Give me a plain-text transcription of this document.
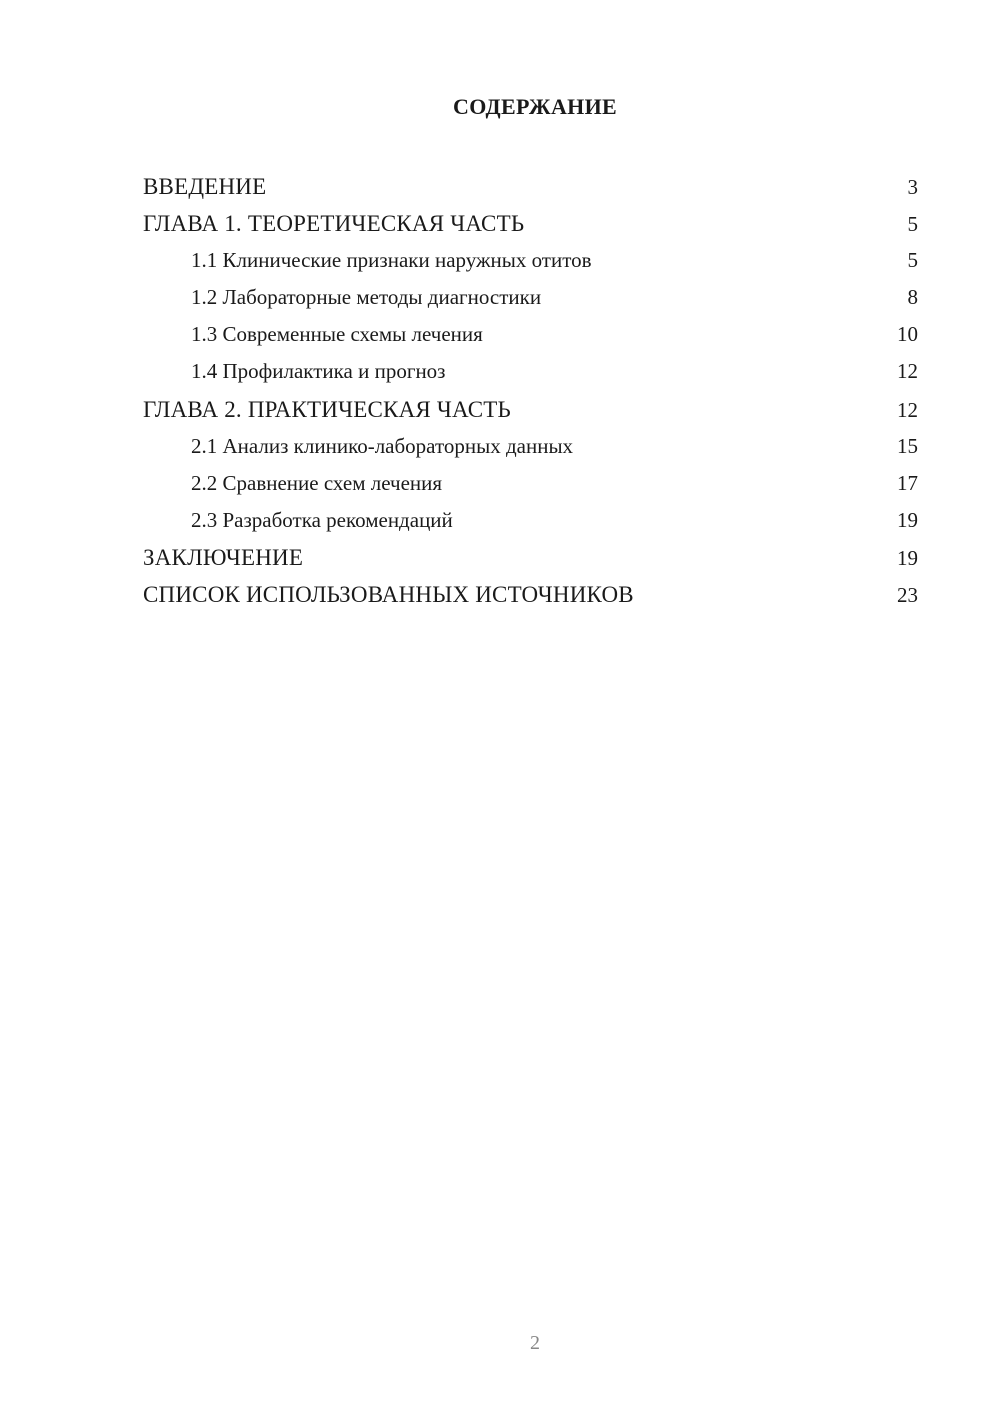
СОДЕРЖАНИЕ
ВВЕДЕНИЕ	3
ГЛАВА 1. ТЕОРЕТИЧЕСКАЯ ЧАСТЬ	5
1.1 Клинические признаки наружных отитов	5
1.2 Лабораторные методы диагностики	8
1.3 Современные схемы лечения	10
1.4 Профилактика и прогноз	12
ГЛАВА 2. ПРАКТИЧЕСКАЯ ЧАСТЬ	12
2.1 Анализ клинико-лабораторных данных	15
2.2 Сравнение схем лечения	17
2.3 Разработка рекомендаций	19
ЗАКЛЮЧЕНИЕ	19
СПИСОК ИСПОЛЬЗОВАННЫХ ИСТОЧНИКОВ	23
2
